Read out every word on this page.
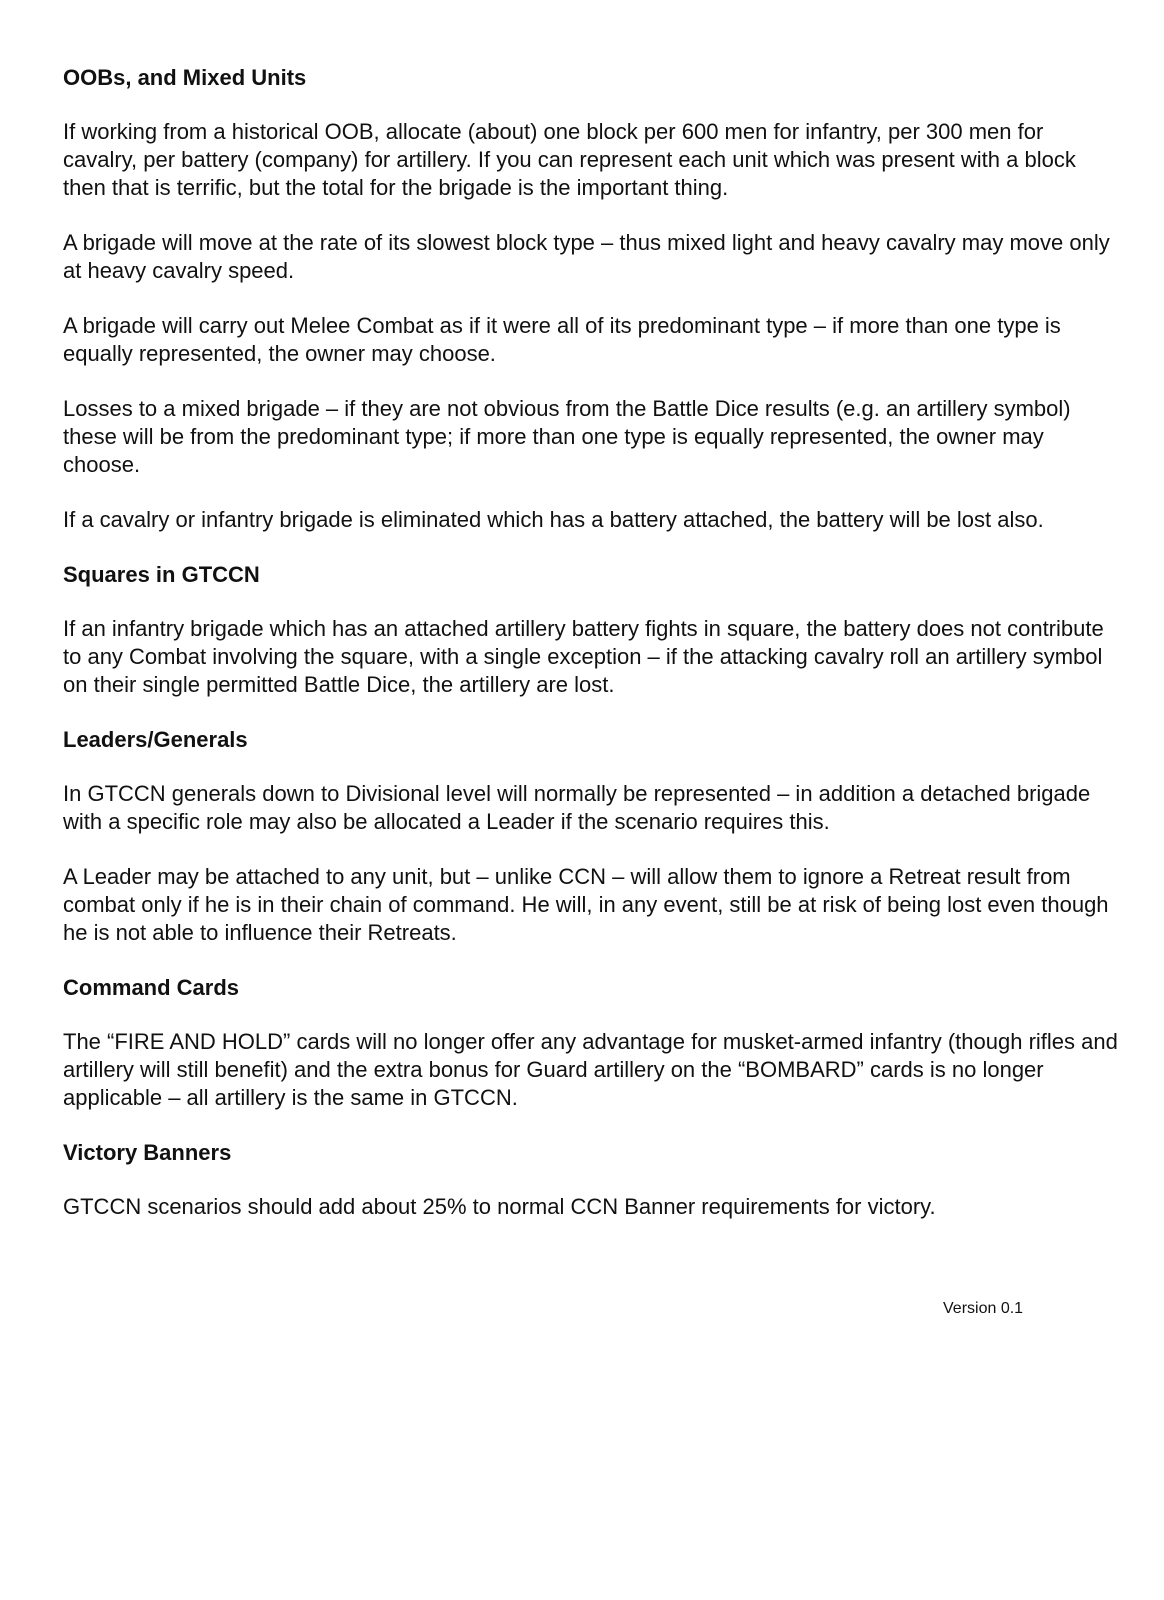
OOBs, and Mixed Units

If working from a historical OOB, allocate (about) one block per 600 men for infantry, per 300 men for cavalry, per battery (company) for artillery. If you can represent each unit which was present with a block then that is terrific, but the total for the brigade is the important thing.

A brigade will move at the rate of its slowest block type – thus mixed light and heavy cavalry may move only at heavy cavalry speed.

A brigade will carry out Melee Combat as if it were all of its predominant type – if more than one type is equally represented, the owner may choose.

Losses to a mixed brigade – if they are not obvious from the Battle Dice results (e.g. an artillery symbol) these will be from the predominant type; if more than one type is equally represented, the owner may choose.

If a cavalry or infantry brigade is eliminated which has a battery attached, the battery will be lost also.

Squares in GTCCN

If an infantry brigade which has an attached artillery battery fights in square, the battery does not contribute to any Combat involving the square, with a single exception – if the attacking cavalry roll an artillery symbol on their single permitted Battle Dice, the artillery are lost.

Leaders/Generals

In GTCCN generals down to Divisional level will normally be represented – in addition a detached brigade with a specific role may also be allocated a Leader if the scenario requires this.

A Leader may be attached to any unit, but – unlike CCN – will allow them to ignore a Retreat result from combat only if he is in their chain of command. He will, in any event, still be at risk of being lost even though he is not able to influence their Retreats.

Command Cards

The “FIRE AND HOLD” cards will no longer offer any advantage for musket-armed infantry (though rifles and artillery will still benefit) and the extra bonus for Guard artillery on the “BOMBARD” cards is no longer applicable – all artillery is the same in GTCCN.

Victory Banners

GTCCN scenarios should add about 25% to normal CCN Banner requirements for victory.

Version 0.1
